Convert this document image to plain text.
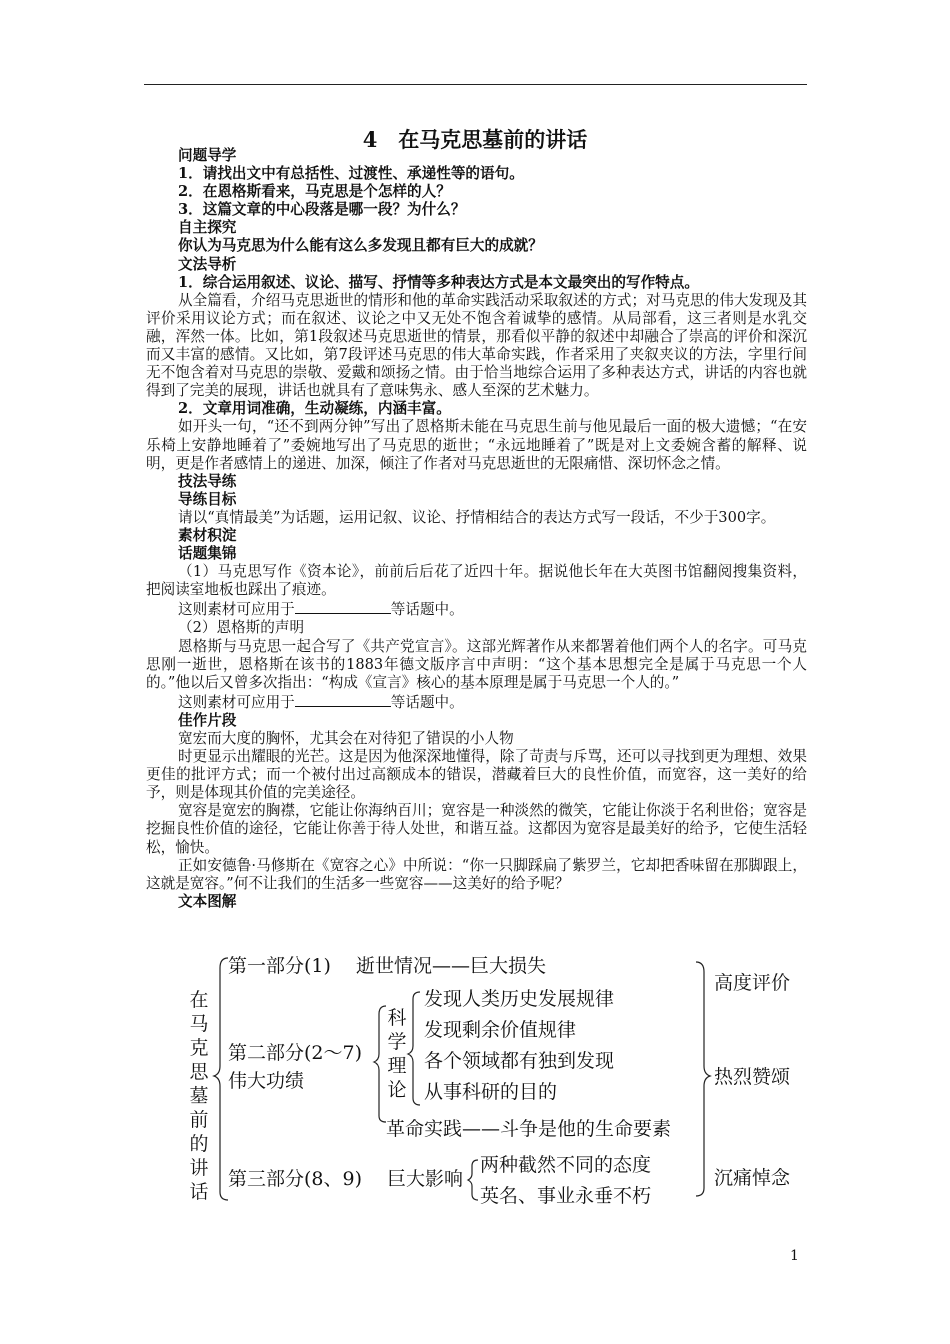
4　在马克思墓前的讲话

问题导学

1．请找出文中有总括性、过渡性、承递性等的语句。

2．在恩格斯看来，马克思是个怎样的人？

3．这篇文章的中心段落是哪一段？为什么？

自主探究

你认为马克思为什么能有这么多发现且都有巨大的成就？

文法导析

1．综合运用叙述、议论、描写、抒情等多种表达方式是本文最突出的写作特点。

从全篇看，介绍马克思逝世的情形和他的革命实践活动采取叙述的方式；对马克思的伟大发现及其评价采用议论方式；而在叙述、议论之中又无处不饱含着诚挚的感情。从局部看，这三者则是水乳交融，浑然一体。比如，第1段叙述马克思逝世的情景，那看似平静的叙述中却融合了崇高的评价和深沉而又丰富的感情。又比如，第7段评述马克思的伟大革命实践，作者采用了夹叙夹议的方法，字里行间无不饱含着对马克思的崇敬、爱戴和颂扬之情。由于恰当地综合运用了多种表达方式，讲话的内容也就得到了完美的展现，讲话也就具有了意味隽永、感人至深的艺术魅力。

2．文章用词准确，生动凝练，内涵丰富。

如开头一句，“还不到两分钟”写出了恩格斯未能在马克思生前与他见最后一面的极大遗憾；“在安乐椅上安静地睡着了”委婉地写出了马克思的逝世；“永远地睡着了”既是对上文委婉含蓄的解释、说明，更是作者感情上的递进、加深，倾注了作者对马克思逝世的无限痛惜、深切怀念之情。

技法导练

导练目标

请以“真情最美”为话题，运用记叙、议论、抒情相结合的表达方式写一段话，不少于300字。

素材积淀

话题集锦

（1）马克思写作《资本论》，前前后后花了近四十年。据说他长年在大英图书馆翻阅搜集资料，把阅读室地板也踩出了痕迹。

这则素材可应用于	等话题中。

（2）恩格斯的声明

恩格斯与马克思一起合写了《共产党宣言》。这部光辉著作从来都署着他们两个人的名字。可马克思刚一逝世，恩格斯在该书的1883年德文版序言中声明：“这个基本思想完全是属于马克思一个人的。”他以后又曾多次指出：“构成《宣言》核心的基本原理是属于马克思一个人的。”

这则素材可应用于	等话题中。

佳作片段

宽宏而大度的胸怀，尤其会在对待犯了错误的小人物

时更显示出耀眼的光芒。这是因为他深深地懂得，除了苛责与斥骂，还可以寻找到更为理想、效果更佳的批评方式；而一个被付出过高额成本的错误，潜藏着巨大的良性价值，而宽容，这一美好的给予，则是体现其价值的完美途径。

宽容是宽宏的胸襟，它能让你海纳百川；宽容是一种淡然的微笑，它能让你淡于名利世俗；宽容是挖掘良性价值的途径，它能让你善于待人处世，和谐互益。这都因为宽容是最美好的给予，它使生活轻松，愉快。

正如安德鲁·马修斯在《宽容之心》中所说：“你一只脚踩扁了紫罗兰，它却把香味留在那脚跟上，这就是宽容。”何不让我们的生活多一些宽容——这美好的给予呢？

文本图解

在马克思墓前的讲话
第一部分(1)　 逝世情况——巨大损失
第二部分(2～7)
伟大功绩
科学理论
发现人类历史发展规律
发现剩余价值规律
各个领域都有独到发现
从事科研的目的
革命实践——斗争是他的生命要素
第三部分(8、9)　 巨大影响
两种截然不同的态度
英名、事业永垂不朽
高度评价
热烈赞颂
沉痛悼念
1
